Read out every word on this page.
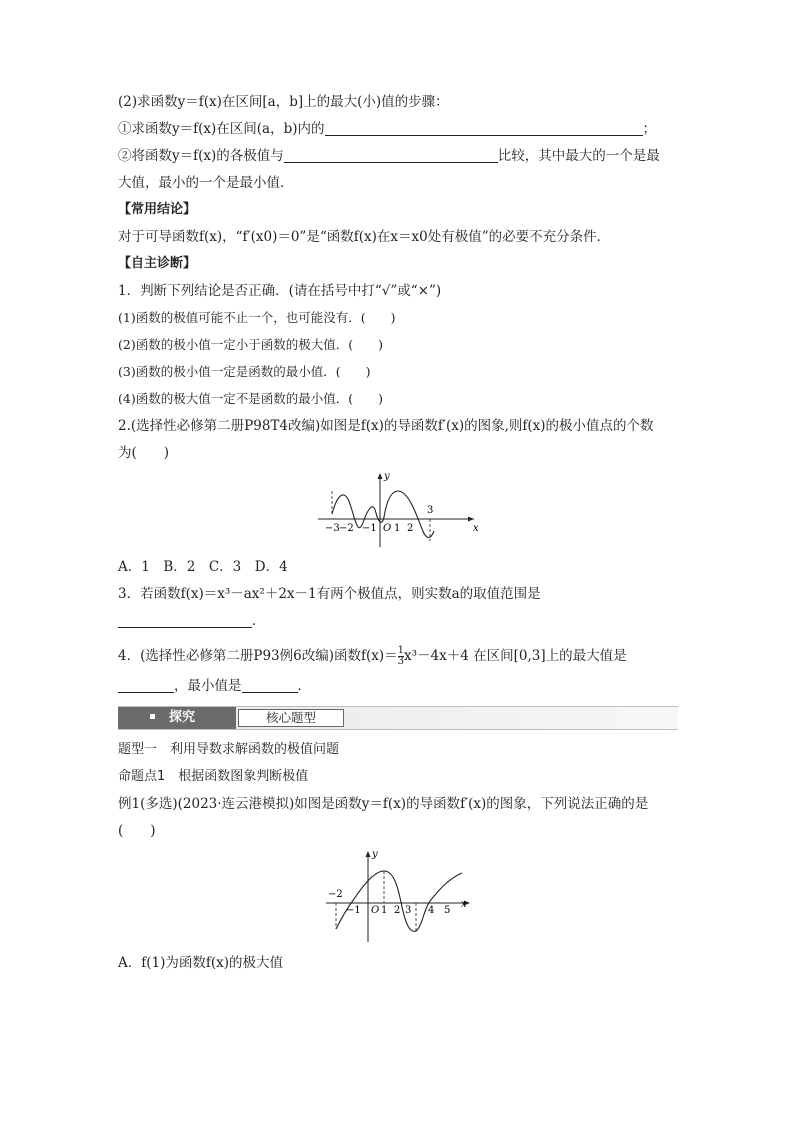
(2)求函数y＝f(x)在区间[a，b]上的最大(小)值的步骤：

①求函数y＝f(x)在区间(a，b)内的	；

②将函数y＝f(x)的各极值与	比较，其中最大的一个是最

大值，最小的一个是最小值．

【常用结论】

对于可导函数f(x)，“f′(x0)＝0”是“函数f(x)在x＝x0处有极值”的必要不充分条件．

【自主诊断】

1．判断下列结论是否正确．(请在括号中打“√”或“×”)

(1)函数的极值可能不止一个，也可能没有．(　　)

(2)函数的极小值一定小于函数的极大值．(　　)

(3)函数的极小值一定是函数的最小值．(　　)

(4)函数的极大值一定不是函数的最小值．(　　)

2.(选择性必修第二册P98T4改编)如图是f(x)的导函数f′(x)的图象,则f(x)的极小值点的个数

为(　　)

x
y
−3 −2 −1 O 1 2
3

A．1　B．2　C．3　D．4

3．若函数f(x)＝x³－ax²＋2x－1有两个极值点，则实数a的取值范围是

．

4．(选择性必修第二册P93例6改编)函数$f(x)= \frac{1}{3} x^3-4x+4$ 在区间[0,3]上的最大值是

，最小值是	．

探究	核心题型

题型一　利用导数求解函数的极值问题

命题点1　根据函数图象判断极值

例1(多选)(2023·连云港模拟)如图是函数y＝f(x)的导函数f′(x)的图象，下列说法正确的是

(　　)

x
y
−2
−1 O 1 2 3 4 5

A．f(1)为函数f(x)的极大值
